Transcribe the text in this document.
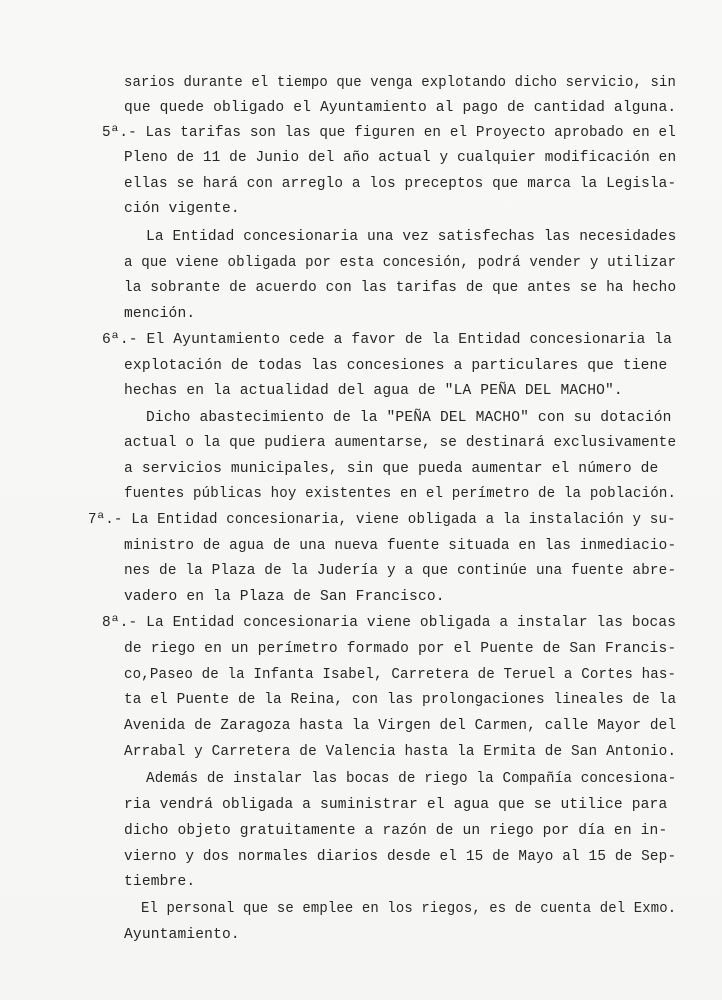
sarios durante el tiempo que venga explotando dicho servicio, sin
que quede obligado el Ayuntamiento al pago de cantidad alguna.
5ª.- Las tarifas son las que figuren en el Proyecto aprobado en el
Pleno de 11 de Junio del año actual y cualquier modificación en
ellas se hará con arreglo a los preceptos que marca la Legisla-
ción vigente.
La Entidad concesionaria una vez satisfechas las necesidades
a que viene obligada por esta concesión, podrá vender y utilizar
la sobrante de acuerdo con las tarifas de que antes se ha hecho
mención.
6ª.- El Ayuntamiento cede a favor de la Entidad concesionaria la
explotación de todas las concesiones a particulares que tiene
hechas en la actualidad del agua de "LA PEÑA DEL MACHO".
Dicho abastecimiento de la "PEÑA DEL MACHO" con su dotación
actual o la que pudiera aumentarse, se destinará exclusivamente
a servicios municipales, sin que pueda aumentar el número de
fuentes públicas hoy existentes en el perímetro de la población.
7ª.- La Entidad concesionaria, viene obligada a la instalación y su-
ministro de agua de una nueva fuente situada en las inmediacio-
nes de la Plaza de la Judería y a que continúe una fuente abre-
vadero en la Plaza de San Francisco.
8ª.- La Entidad concesionaria viene obligada a instalar las bocas
de riego en un perímetro formado por el Puente de San Francis-
co,Paseo de la Infanta Isabel, Carretera de Teruel a Cortes has-
ta el Puente de la Reina, con las prolongaciones lineales de la
Avenida de Zaragoza hasta la Virgen del Carmen, calle Mayor del
Arrabal y Carretera de Valencia hasta la Ermita de San Antonio.
Además de instalar las bocas de riego la Compañía concesiona-
ria vendrá obligada a suministrar el agua que se utilice para
dicho objeto gratuitamente a razón de un riego por día en in-
vierno y dos normales diarios desde el 15 de Mayo al 15 de Sep-
tiembre.
El personal que se emplee en los riegos, es de cuenta del Exmo.
Ayuntamiento.
